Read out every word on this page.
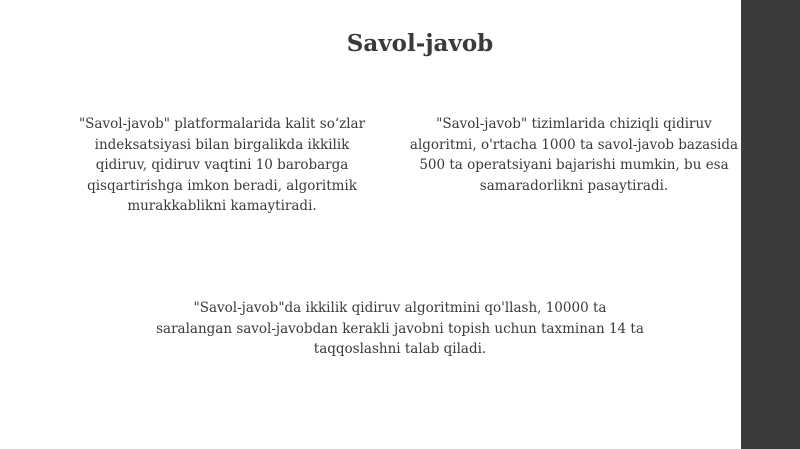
Savol-javob
"Savol-javob" platformalarida kalit so‘zlar
indeksatsiyasi bilan birgalikda ikkilik
qidiruv, qidiruv vaqtini 10 barobarga
qisqartirishga imkon beradi, algoritmik
murakkablikni kamaytiradi.
"Savol-javob" tizimlarida chiziqli qidiruv
algoritmi, o'rtacha 1000 ta savol-javob bazasida
500 ta operatsiyani bajarishi mumkin, bu esa
samaradorlikni pasaytiradi.
"Savol-javob"da ikkilik qidiruv algoritmini qo'llash, 10000 ta
saralangan savol-javobdan kerakli javobni topish uchun taxminan 14 ta
taqqoslashni talab qiladi.
